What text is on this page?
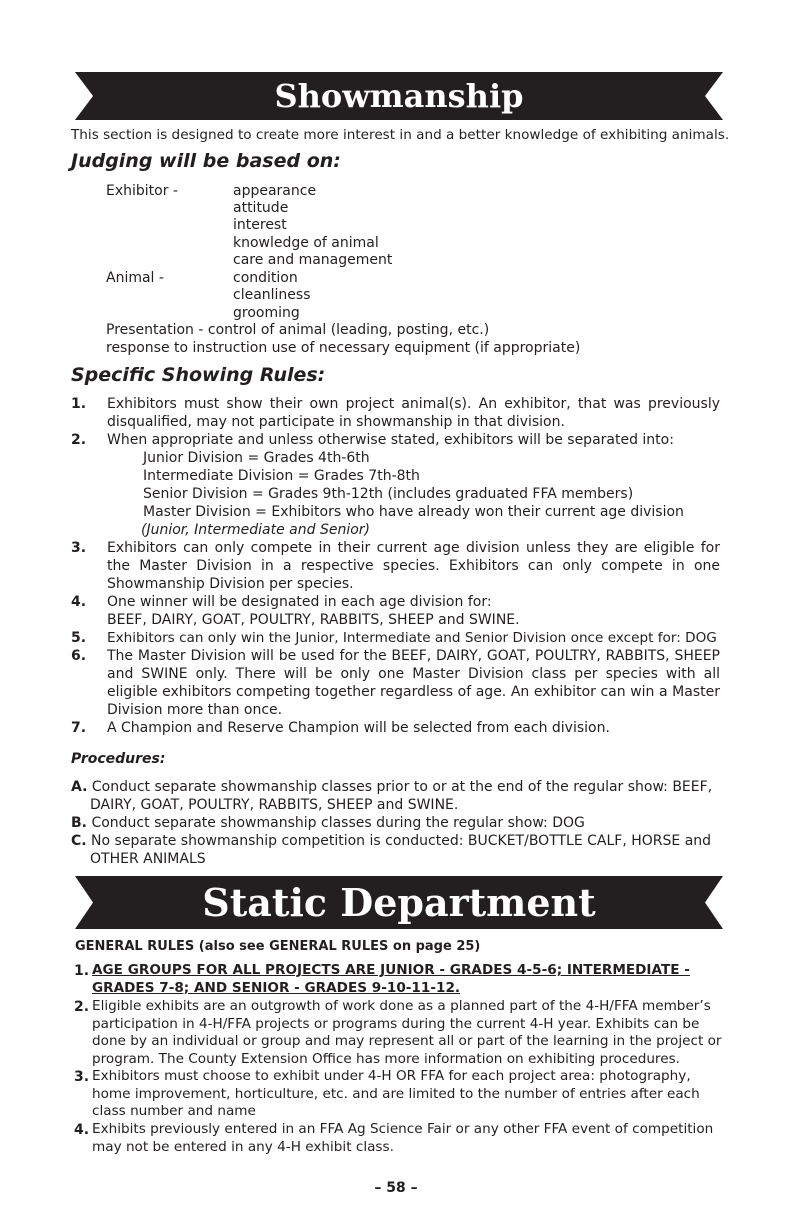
Showmanship
This section is designed to create more interest in and a better knowledge of exhibiting animals.
Judging will be based on:
Exhibitor -	appearance
attitude
interest
knowledge of animal
care and management
Animal -	condition
cleanliness
grooming
Presentation - control of animal (leading, posting, etc.)
response to instruction use of necessary equipment (if appropriate)
Specific Showing Rules:
1. Exhibitors must show their own project animal(s). An exhibitor, that was previously disqualified, may not participate in showmanship in that division.
2. When appropriate and unless otherwise stated, exhibitors will be separated into:
Junior Division = Grades 4th-6th
Intermediate Division = Grades 7th-8th
Senior Division = Grades 9th-12th (includes graduated FFA members)
Master Division = Exhibitors who have already won their current age division
(Junior, Intermediate and Senior)
3. Exhibitors can only compete in their current age division unless they are eligible for the Master Division in a respective species. Exhibitors can only compete in one Showmanship Division per species.
4. One winner will be designated in each age division for:
BEEF, DAIRY, GOAT, POULTRY, RABBITS, SHEEP and SWINE.
5. Exhibitors can only win the Junior, Intermediate and Senior Division once except for: DOG
6. The Master Division will be used for the BEEF, DAIRY, GOAT, POULTRY, RABBITS, SHEEP and SWINE only. There will be only one Master Division class per species with all eligible exhibitors competing together regardless of age. An exhibitor can win a Master Division more than once.
7. A Champion and Reserve Champion will be selected from each division.
Procedures:
A. Conduct separate showmanship classes prior to or at the end of the regular show: BEEF, DAIRY, GOAT, POULTRY, RABBITS, SHEEP and SWINE.
B. Conduct separate showmanship classes during the regular show: DOG
C. No separate showmanship competition is conducted: BUCKET/BOTTLE CALF, HORSE and OTHER ANIMALS
Static Department
GENERAL RULES (also see GENERAL RULES on page 25)
1. AGE GROUPS FOR ALL PROJECTS ARE JUNIOR - GRADES 4-5-6; INTERMEDIATE - GRADES 7-8; AND SENIOR - GRADES 9-10-11-12.
2. Eligible exhibits are an outgrowth of work done as a planned part of the 4-H/FFA member’s participation in 4-H/FFA projects or programs during the current 4-H year. Exhibits can be done by an individual or group and may represent all or part of the learning in the project or program. The County Extension Office has more information on exhibiting procedures.
3. Exhibitors must choose to exhibit under 4-H OR FFA for each project area: photography, home improvement, horticulture, etc. and are limited to the number of entries after each class number and name
4. Exhibits previously entered in an FFA Ag Science Fair or any other FFA event of competition may not be entered in any 4-H exhibit class.
– 58 –
